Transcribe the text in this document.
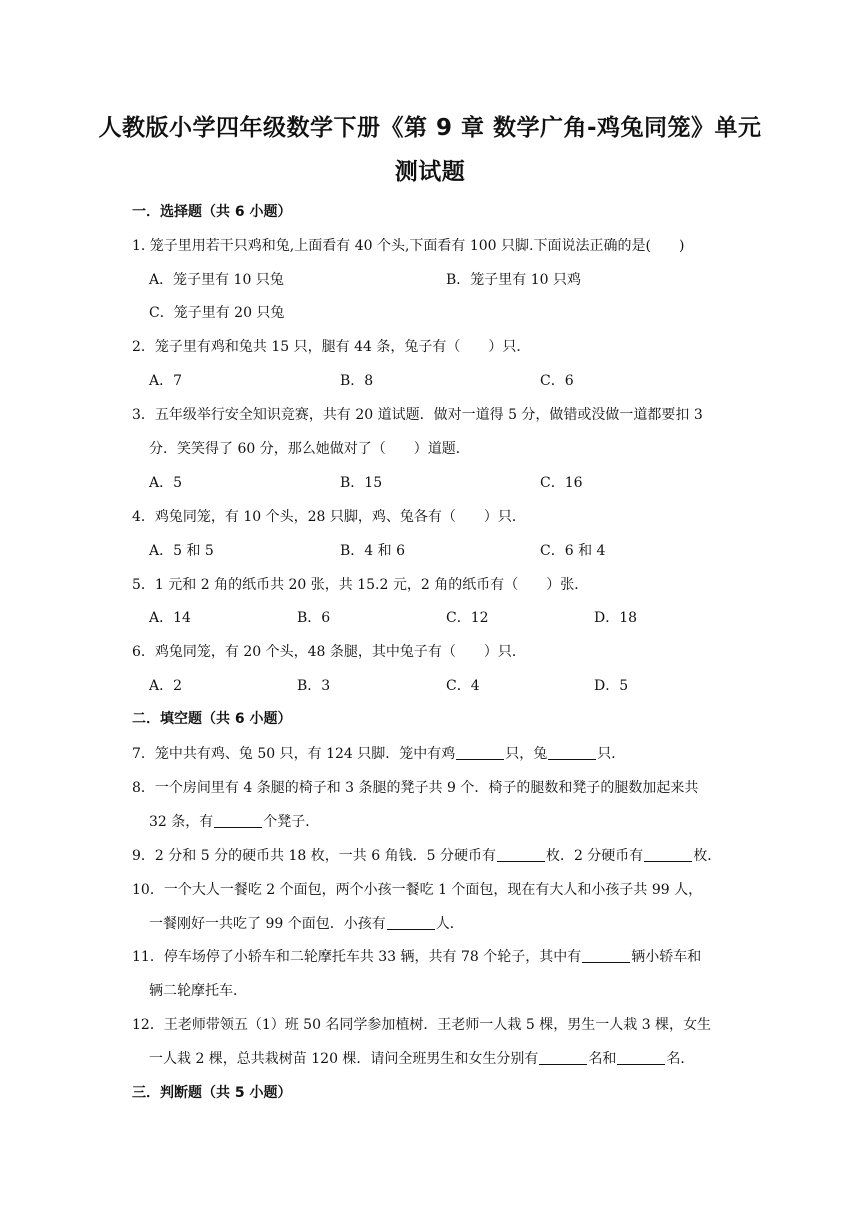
人教版小学四年级数学下册《第 9 章 数学广角-鸡兔同笼》单元
测试题
一．选择题（共 6 小题）
1. 笼子里用若干只鸡和兔,上面看有 40 个头,下面看有 100 只脚.下面说法正确的是(　　)
A．笼子里有 10 只兔	B．笼子里有 10 只鸡
C．笼子里有 20 只兔
2．笼子里有鸡和兔共 15 只，腿有 44 条，兔子有（　　）只．
A．7	B．8	C．6
3．五年级举行安全知识竞赛，共有 20 道试题．做对一道得 5 分，做错或没做一道都要扣 3
分．笑笑得了 60 分，那么她做对了（　　）道题．
A．5	B．15	C．16
4．鸡兔同笼，有 10 个头，28 只脚，鸡、兔各有（　　）只．
A．5 和 5	B．4 和 6	C．6 和 4
5．1 元和 2 角的纸币共 20 张，共 15.2 元，2 角的纸币有（　　）张．
A．14	B．6	C．12	D．18
6．鸡兔同笼，有 20 个头，48 条腿，其中兔子有（　　）只．
A．2	B．3	C．4	D．5
二．填空题（共 6 小题）
7．笼中共有鸡、兔 50 只，有 124 只脚．笼中有鸡	只，兔	只．
8．一个房间里有 4 条腿的椅子和 3 条腿的凳子共 9 个．椅子的腿数和凳子的腿数加起来共
32 条，有	个凳子．
9．2 分和 5 分的硬币共 18 枚，一共 6 角钱．5 分硬币有	枚．2 分硬币有	枚．
10．一个大人一餐吃 2 个面包，两个小孩一餐吃 1 个面包，现在有大人和小孩子共 99 人，
一餐刚好一共吃了 99 个面包．小孩有	人．
11．停车场停了小轿车和二轮摩托车共 33 辆，共有 78 个轮子，其中有	辆小轿车和
辆二轮摩托车．
12．王老师带领五（1）班 50 名同学参加植树．王老师一人栽 5 棵，男生一人栽 3 棵，女生
一人栽 2 棵，总共栽树苗 120 棵．请问全班男生和女生分别有	名和	名．
三．判断题（共 5 小题）
